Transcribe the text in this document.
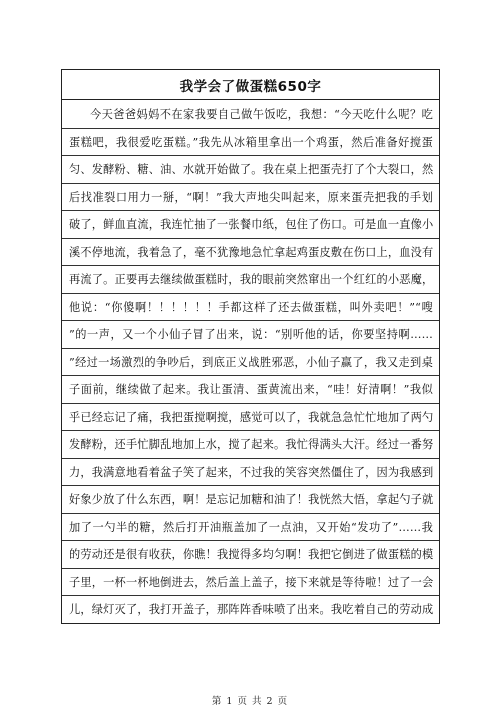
我学会了做蛋糕650字
今天爸爸妈妈不在家我要自己做午饭吃，我想：“今天吃什么呢？吃
蛋糕吧，我很爱吃蛋糕。”我先从冰箱里拿出一个鸡蛋，然后准备好搅蛋
匀、发酵粉、糖、油、水就开始做了。我在桌上把蛋壳打了个大裂口，然
后找准裂口用力一掰，“啊！”我大声地尖叫起来，原来蛋壳把我的手划
破了，鲜血直流，我连忙抽了一张餐巾纸，包住了伤口。可是血一直像小
溪不停地流，我着急了，毫不犹豫地急忙拿起鸡蛋皮敷在伤口上，血没有
再流了。正要再去继续做蛋糕时，我的眼前突然窜出一个红红的小恶魔，
他说：“你傻啊！！！！！！手都这样了还去做蛋糕，叫外卖吧！”“嗖
”的一声，又一个小仙子冒了出来，说：“别听他的话，你要坚持啊……
”经过一场激烈的争吵后，到底正义战胜邪恶，小仙子赢了，我又走到桌
子面前，继续做了起来。我让蛋清、蛋黄流出来，“哇！好清啊！”我似
乎已经忘记了痛，我把蛋搅啊搅，感觉可以了，我就急急忙忙地加了两勺
发酵粉，还手忙脚乱地加上水，搅了起来。我忙得满头大汗。经过一番努
力，我满意地看着盆子笑了起来，不过我的笑容突然僵住了，因为我感到
好象少放了什么东西，啊！是忘记加糖和油了！我恍然大悟，拿起勺子就
加了一勺半的糖，然后打开油瓶盖加了一点油，又开始“发功了”……我
的劳动还是很有收获，你瞧！我搅得多均匀啊！我把它倒进了做蛋糕的模
子里，一杯一杯地倒进去，然后盖上盖子，接下来就是等待啦！过了一会
儿，绿灯灭了，我打开盖子，那阵阵香味喷了出来。我吃着自己的劳动成
第 1 页 共 2 页
